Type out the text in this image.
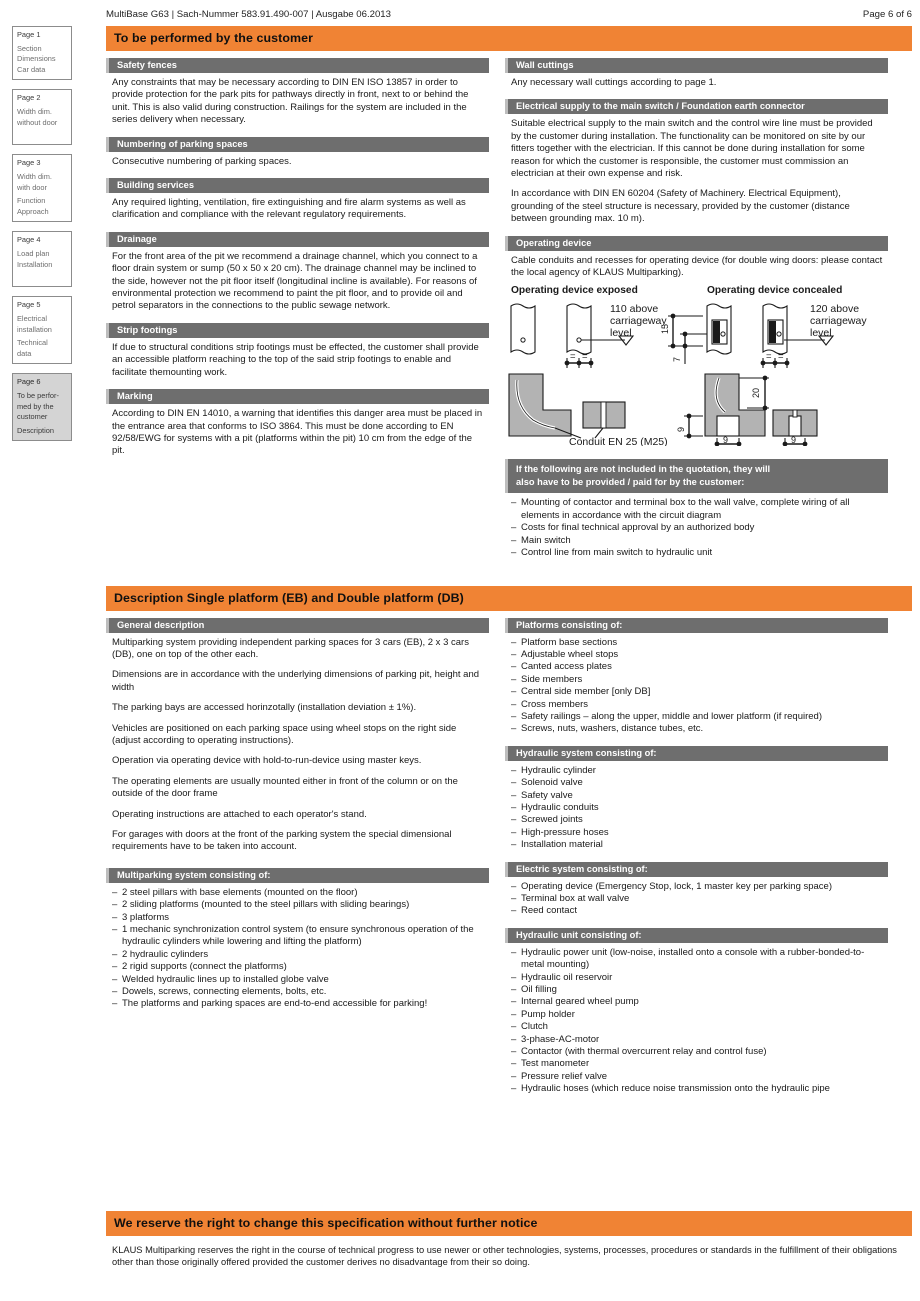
Page 1
Section
Dimensions
Car data
Page 2
Width dim.
without door
Page 3
Width dim.
with door
Function
Approach
Page 4
Load plan
Installation
Page 5
Electrical
installation
Technical
data
Page 6
To be perfor-
med by the
customer
Description
MultiBase G63 | Sach-Nummer 583.91.490-007 | Ausgabe 06.2013	Page 6 of 6
To be performed by the customer
Safety fences

Any constraints that may be necessary according to DIN EN ISO 13857 in order to provide protection for the park pits for pathways directly in front, next to or behind the unit. This is also valid during construction. Railings for the system are included in the series delivery when necessary.

Numbering of parking spaces

Consecutive numbering of parking spaces.

Building services

Any required lighting, ventilation, fire extinguishing and fire alarm systems as well as clarification and compliance with the relevant regulatory requirements.

Drainage

For the front area of the pit we recommend a drainage channel, which you connect to a floor drain system or sump (50 x 50 x 20 cm). The drainage channel may be inclined to the side, however not the pit floor itself (longitudinal incline is available). For reasons of environmental protection we recommend to paint the pit floor, and to provide oil and petrol separators in the connections to the public sewage network.

Strip footings

If due to structural conditions strip footings must be effected, the customer shall provide an accessible platform reaching to the top of the said strip footings to enable and facilitate themounting work.

Marking

According to DIN EN 14010, a warning that identifies this danger area must be placed in the entrance area that conforms to ISO 3864. This must be done according to EN 92/58/EWG for systems with a pit (platforms within the pit) 10 cm from the edge of the pit.

Wall cuttings

Any necessary wall cuttings according to page 1.

Electrical supply to the main switch / Foundation earth connector

Suitable electrical supply to the main switch and the control wire line must be provided by the customer during installation. The functionality can be monitored on site by our fitters together with the electrician. If this cannot be done during installation for some reason for which the customer is responsible, the customer must commission an electrician at their own expense and risk.

In accordance with DIN EN 60204 (Safety of Machinery. Electrical Equipment), grounding of the steel structure is necessary, provided by the customer (distance between grounding max. 10 m).

Operating device

Cable conduits and recesses for operating device (for double wing doors: please contact the local agency of KLAUS Multiparking).

Operating device exposed	Operating device concealed
110 above
carriageway
level
= =
Conduit EN 25 (M25)
15
7
120 above
carriageway
level
= =
20
9
9	9
If the following are not included in the quotation, they will
also have to be provided / paid for by the customer:
– Mounting of contactor and terminal box to the wall valve, complete wiring of all elements in accordance with the circuit diagram
– Costs for final technical approval by an authorized body
– Main switch
– Control line from main switch to hydraulic unit
Description Single platform (EB) and Double platform (DB)
General description

Multiparking system providing independent parking spaces for 3 cars (EB), 2 x 3 cars (DB), one on top of the other each.

Dimensions are in accordance with the underlying dimensions of parking pit, height and width

The parking bays are accessed horinzotally (installation deviation ± 1%).

Vehicles are positioned on each parking space using wheel stops on the right side (adjust according to operating instructions).

Operation via operating device with hold-to-run-device using master keys.

The operating elements are usually mounted either in front of the column or on the outside of the door frame

Operating instructions are attached to each operator's stand.

For garages with doors at the front of the parking system the special dimensional requirements have to be taken into account.

Multiparking system consisting of:
– 2 steel pillars with base elements (mounted on the floor)
– 2 sliding platforms (mounted to the steel pillars with sliding bearings)
– 3 platforms
– 1 mechanic synchronization control system (to ensure synchronous operation of the hydraulic cylinders while lowering and lifting the platform)
– 2 hydraulic cylinders
– 2 rigid supports (connect the platforms)
– Welded hydraulic lines up to installed globe valve
– Dowels, screws, connecting elements, bolts, etc.
– The platforms and parking spaces are end-to-end accessible for parking!
Platforms consisting of:
– Platform base sections
– Adjustable wheel stops
– Canted access plates
– Side members
– Central side member [only DB]
– Cross members
– Safety railings – along the upper, middle and lower platform (if required)
– Screws, nuts, washers, distance tubes, etc.
Hydraulic system consisting of:
– Hydraulic cylinder
– Solenoid valve
– Safety valve
– Hydraulic conduits
– Screwed joints
– High-pressure hoses
– Installation material
Electric system consisting of:
– Operating device (Emergency Stop, lock, 1 master key per parking space)
– Terminal box at wall valve
– Reed contact
Hydraulic unit consisting of:
– Hydraulic power unit (low-noise, installed onto a console with a rubber-bonded-to-metal mounting)
– Hydraulic oil reservoir
– Oil filling
– Internal geared wheel pump
– Pump holder
– Clutch
– 3-phase-AC-motor
– Contactor (with thermal overcurrent relay and control fuse)
– Test manometer
– Pressure relief valve
– Hydraulic hoses (which reduce noise transmission onto the hydraulic pipe
We reserve the right to change this specification without further notice

KLAUS Multiparking reserves the right in the course of technical progress to use newer or other technologies, systems, processes, procedures or standards in the fulfillment of their obligations other than those originally offered provided the customer derives no disadvantage from their so doing.
